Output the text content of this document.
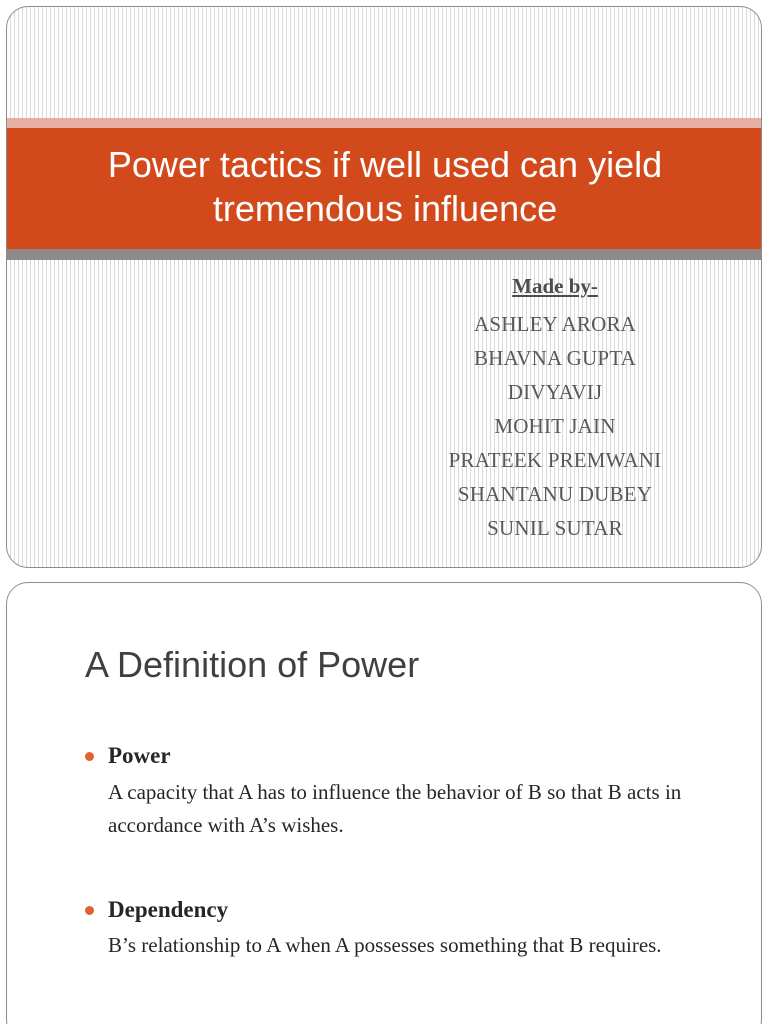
Power tactics if well used can yield tremendous influence
Made by-
ASHLEY ARORA
BHAVNA GUPTA
DIVYAVIJ
MOHIT JAIN
PRATEEK PREMWANI
SHANTANU DUBEY
SUNIL SUTAR
A Definition of Power
Power

A capacity that A has to influence the behavior of B so that B acts in accordance with A’s wishes.

Dependency

B’s relationship to A when A possesses something that B requires.
